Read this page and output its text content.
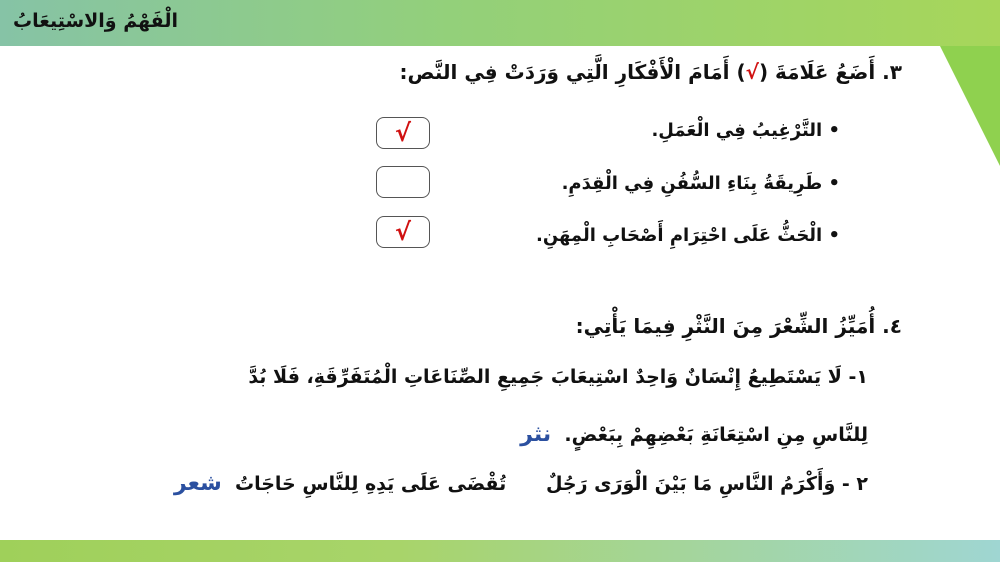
الْفَهْمُ وَالاسْتِيعَابُ
٣. أَضَعُ عَلَامَةَ (√) أَمَامَ الْأَفْكَارِ الَّتِي وَرَدَتْ فِي النَّص:
• التَّرْغِيبُ فِي الْعَمَلِ.
√
• طَرِيقَةُ بِنَاءِ السُّفُنِ فِي الْقِدَمِ.
• الْحَثُّ عَلَى احْتِرَامِ أَصْحَابِ الْمِهَنِ.
√
٤. أُمَيِّزُ الشِّعْرَ مِنَ النَّثْرِ فِيمَا يَأْتِي:
١- لَا يَسْتَطِيعُ إِنْسَانٌ وَاحِدٌ اسْتِيعَابَ جَمِيعِ الصِّنَاعَاتِ الْمُتَفَرِّقَةِ، فَلَا بُدَّ
لِلنَّاسِ مِنِ اسْتِعَانَةِ بَعْضِهِمْ بِبَعْضٍ.  نثر
٢ - وَأَكْرَمُ النَّاسِ مَا بَيْنَ الْوَرَى رَجُلٌ      تُقْضَى عَلَى يَدِهِ لِلنَّاسِ حَاجَاتُ  شعر
